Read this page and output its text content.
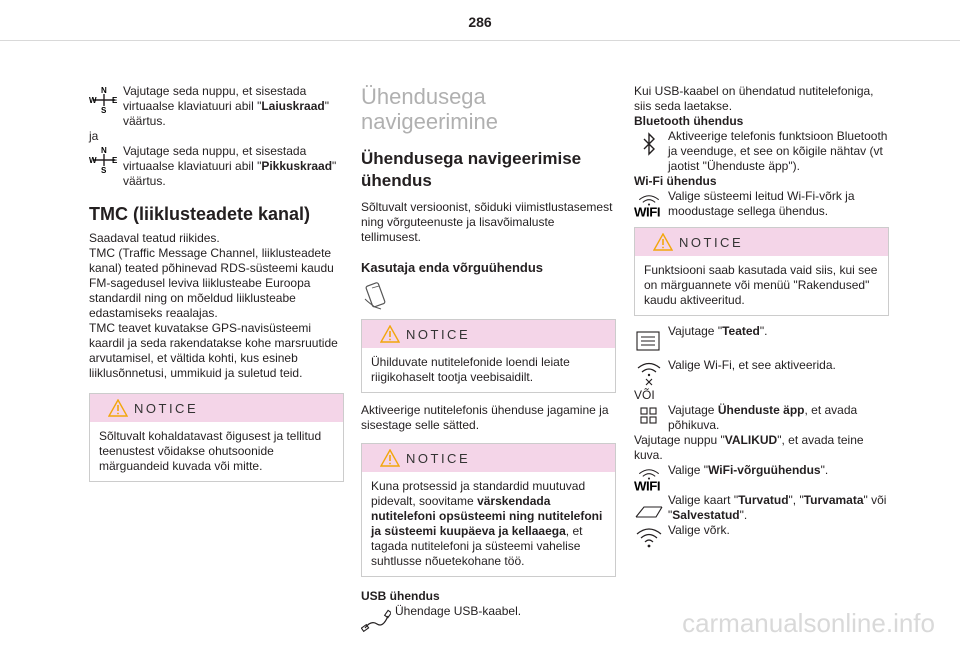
286
N
W E
S

Vajutage seda nuppu, et sisestada virtuaalse klaviatuuri abil "Laiuskraad" väärtus.

ja

N
W E
S

Vajutage seda nuppu, et sisestada virtuaalse klaviatuuri abil "Pikkuskraad" väärtus.

TMC (liiklusteadete kanal)

Saadaval teatud riikides.

TMC (Traffic Message Channel, liiklusteadete kanal) teated põhinevad RDS-süsteemi kaudu FM-sagedusel leviva liiklusteabe Euroopa standardil ning on mõeldud liiklusteabe edastamiseks reaalajas.

TMC teavet kuvatakse GPS-navisüsteemi kaardil ja seda rakendatakse kohe marsruutide arvutamisel, et vältida kohti, kus esineb liiklusõnnetusi, ummikuid ja suletud teid.

NOTICE
Sõltuvalt kohaldatavast õigusest ja tellitud teenustest võidakse ohutsoonide märguandeid kuvada või mitte.
Ühendusega navigeerimine
Ühendusega navigeerimise ühendus

Sõltuvalt versioonist, sõiduki viimistlustasemest ning võrguteenuste ja lisavõimaluste tellimusest.

Kasutaja enda võrguühendus
NOTICE
Ühilduvate nutitelefonide loendi leiate riigikohaselt tootja veebisaidilt.

Aktiveerige nutitelefonis ühenduse jagamine ja sisestage selle sätted.

NOTICE
Kuna protsessid ja standardid muutuvad pidevalt, soovitame värskendada nutitelefoni opsüsteemi ning nutitelefoni ja süsteemi kuupäeva ja kellaaega, et tagada nutitelefoni ja süsteemi vahelise suhtlusse nõuetekohane töö.
USB ühendus

Ühendage USB-kaabel.

Kui USB-kaabel on ühendatud nutitelefoniga, siis seda laetakse.

Bluetooth ühendus

Aktiveerige telefonis funktsioon Bluetooth ja veenduge, et see on kõigile nähtav (vt jaotist "Ühenduste äpp").

Wi-Fi ühendus
WIFI

Valige süsteemi leitud Wi-Fi-võrk ja moodustage sellega ühendus.

NOTICE
Funktsiooni saab kasutada vaid siis, kui see on märguannete või menüü "Rakendused" kaudu aktiveeritud.

Vajutage "Teated".

Valige Wi-Fi, et see aktiveerida.

VÕI

Vajutage Ühenduste äpp, et avada põhikuva.

Vajutage nuppu "VALIKUD", et avada teine kuva.

WIFI

Valige "WiFi-võrguühendus".

Valige kaart "Turvatud", "Turvamata" või "Salvestatud".

Valige võrk.

carmanualsonline.info
